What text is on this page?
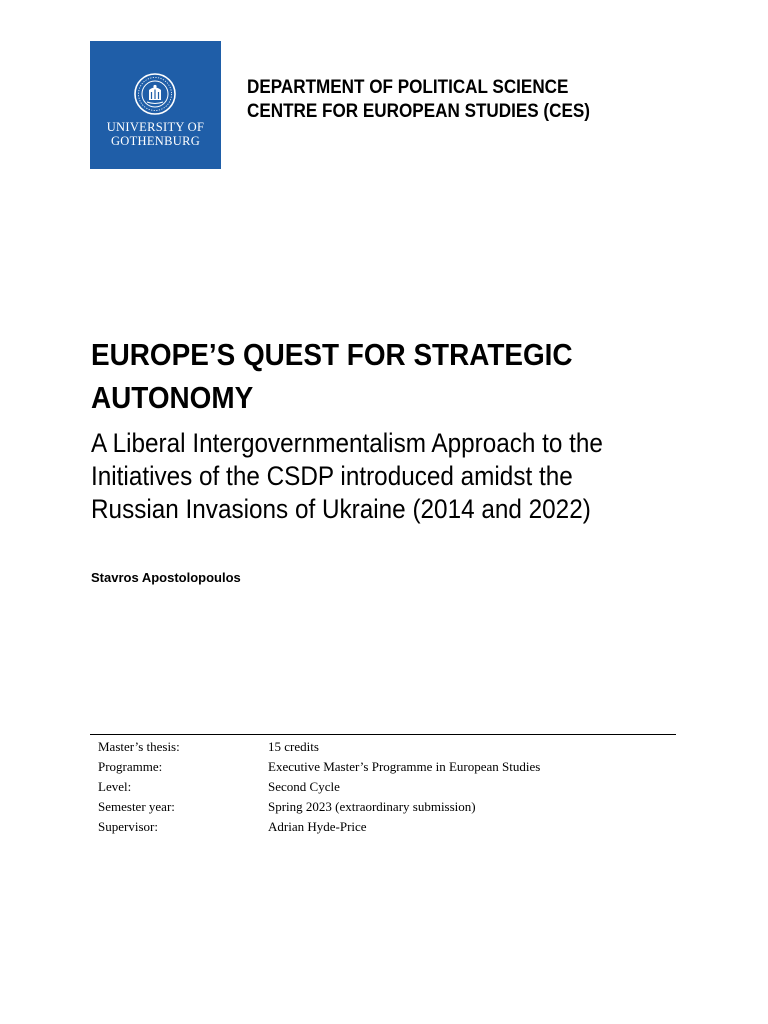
UNIVERSITY OF
GOTHENBURG
DEPARTMENT OF POLITICAL SCIENCE
CENTRE FOR EUROPEAN STUDIES (CES)
EUROPE’S QUEST FOR STRATEGIC
AUTONOMY
A Liberal Intergovernmentalism Approach to the
Initiatives of the CSDP introduced amidst the
Russian Invasions of Ukraine (2014 and 2022)
Stavros Apostolopoulos
Master’s thesis:	15 credits
Programme:	Executive Master’s Programme in European Studies
Level:	Second Cycle
Semester year:	Spring 2023 (extraordinary submission)
Supervisor:	Adrian Hyde-Price
